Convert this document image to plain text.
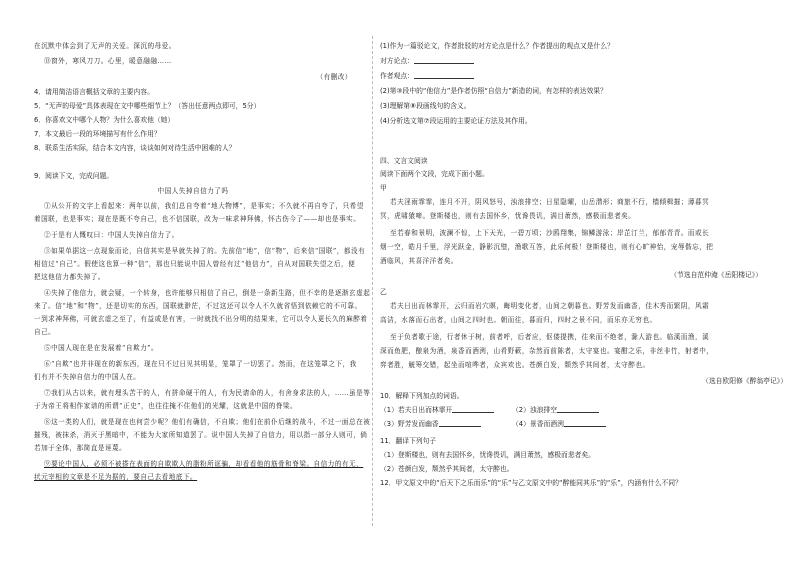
在沉默中体会到了无声的关爱。深沉的母爱。
⑬窗外，寒风刀刀。心里，暖意融融……
（有删改）
4．请用简洁语言概括文章的主要内容。
5．“无声的母爱”具体表现在文中哪些细节上？（答出任意两点即可，5分）
6．你喜欢文中哪个人物？为什么喜欢他（她）
7．本文最后一段的环境描写有什么作用？
8．联系生活实际，结合本文内容，谈谈如何对待生活中困难的人？
9．阅读下文，完成问题。
中国人失掉自信力了吗
①从公开的文字上看起来：两年以前，我们总自夸着“地大物博”，是事实；不久就不再自夸了，只希望
着国联，也是事实；现在是既不夸自己，也不信国联，改为一味求神拜佛，怀古伤今了——却也是事实。
②于是有人慨叹曰：中国人失掉自信力了。
③如果单据这一点现象而论，自信其实是早就失掉了的。先前信“地”，信“物”，后来信“国联”，都没有
相信过“自己”。假使这也算一种“信”，那也只能说中国人曾经有过“他信力”，自从对国联失望之后，便
把这他信力都失掉了。
④失掉了他信力，就会疑，一个转身，也许能够只相信了自己，倒是一条新生路，但不幸的是逐渐玄虚起
来了。信“地”和“物”，还是切实的东西，国联就渺茫，不过这还可以令人不久就省悟到依赖它的不可靠。
一到求神拜佛，可就玄虚之至了，有益或是有害，一时就找不出分明的结果来，它可以令人更长久的麻醉着
自己。
⑤中国人现在是在发展着“自欺力”。
⑥“自欺”也并非现在的新东西，现在只不过日见其明显，笼罩了一切罢了。然而，在这笼罩之下，我
们有并不失掉自信力的中国人在。
⑦我们从古以来，就有埋头苦干的人，有拼命硬干的人，有为民请命的人，有舍身求法的人，……虽是等
于为帝王将相作家谱的所谓“正史”，也往往掩不住他们的光耀，这就是中国的脊梁。
⑧这一类的人们，就是现在也何尝少呢？他们有确信，不自欺；他们在前仆后继的战斗，不过一面总在被
摧残，被抹杀，消灭于黑暗中，不能为大家所知道罢了。说中国人失掉了自信力，用以指一部分人则可，倘
若加于全体，那简直是诬蔑。
⑨要论中国人，必须不被搽在表面的自欺欺人的脂粉所诓骗，却看看他的筋骨和脊梁。自信力的有无，
状元宰相的文章是不足为据的，要自己去看地底下。
(1)作为一篇驳论文，作者批驳的对方论点是什么？作者提出的观点又是什么？
对方论点：
作者观点：
(2)第③段中的“他信力”是作者仿照“自信力”新造的词，有怎样的表达效果？
(3)理解第⑧段画线句的含义。
(4)分析选文第⑦段运用的主要论证方法及其作用。
四、文言文阅读
阅读下面两个文段，完成下面小题。
甲
若夫淫雨霏霏，连月不开，阴风怒号，浊浪排空；日星隐曜，山岳潜形；商旅不行，樯倾楫摧；薄暮冥
冥，虎啸猿啼。登斯楼也，则有去国怀乡，忧谗畏讥，满目萧然，感极而悲者矣。
至若春和景明，波澜不惊，上下天光，一碧万顷；沙鸥翔集，锦鳞游泳；岸芷汀兰，郁郁青青。而或长
烟一空，皓月千里，浮光跃金，静影沉璧，渔歌互答，此乐何极！登斯楼也，则有心旷神怡，宠辱偕忘，把
酒临风，其喜洋洋者矣。
（节选自范仲淹《岳阳楼记》）
乙
若夫日出而林霏开，云归而岩穴暝，晦明变化者，山间之朝暮也。野芳发而幽香，佳木秀而繁阴，风霜
高洁，水落而石出者，山间之四时也。朝而往，暮而归，四时之景不同，而乐亦无穷也。
至于负者歌于途，行者休于树，前者呼，后者应，伛偻提携，往来而不绝者，滁人游也。临溪而渔，溪
深而鱼肥，酿泉为酒，泉香而酒洌，山肴野蔌，杂然而前陈者，太守宴也。宴酣之乐，非丝非竹，射者中，
弈者胜，觥筹交错，起坐而喧哗者，众宾欢也。苍颜白发，颓然乎其间者，太守醉也。
（选自欧阳修《醉翁亭记》）
10．解释下列加点的词语。
（1）若夫日出而林霏开	（2）浊浪排空
（3）野芳发而幽香	（4）景香而酒洌
11．翻译下列句子
（1）登斯楼也，则有去国怀乡，忧谗畏讥，满目萧然，感极而悲者矣。
（2）苍颜白发，颓然乎其间者，太守醉也。
12．甲文原文中的“后天下之乐而乐”的“乐”与乙文原文中的“醉能同其乐”的“乐”，内涵有什么不同？
